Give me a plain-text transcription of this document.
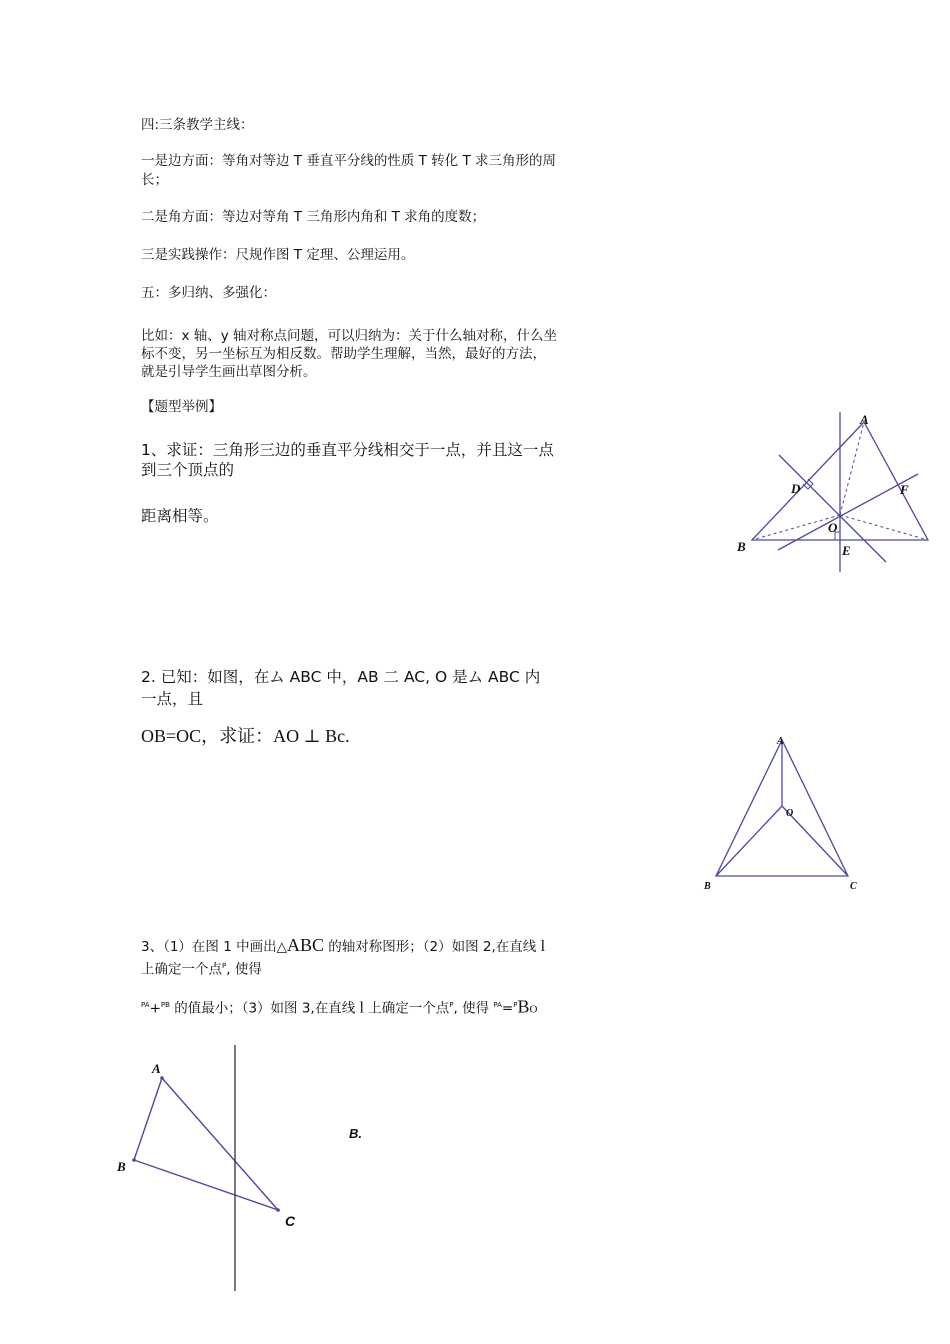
四:三条教学主线：

一是边方面：等角对等边 T 垂直平分线的性质 T 转化 T 求三角形的周

长；

二是角方面：等边对等角 T 三角形内角和 T 求角的度数；

三是实践操作：尺规作图 T 定理、公理运用。

五：多归纳、多强化：

比如：x 轴、y 轴对称点问题，可以归纳为：关于什么轴对称，什么坐

标不变，另一坐标互为相反数。帮助学生理解，当然，最好的方法，

就是引导学生画出草图分析。

【题型举例】

1、求证：三角形三边的垂直平分线相交于一点，并且这一点

到三个顶点的

距离相等。

A
B
D	F
O
E

2. 已知：如图，在ム ABC 中，AB 二 AC, O 是ム ABC 内

一点，且

OB=OC，求证：AO ⊥ Bc.	A
O
B	C

3、（1）在图 1 中画出△ABC 的轴对称图形；（2）如图 2,在直线 l

上确定一个点$^P$, 使得

$^{PA}$+$^{PB}$ 的值最小；（3）如图 3,在直线 l 上确定一个点$^P$, 使得 $^{PA}$=$^P$BO

A
B
C

B.
